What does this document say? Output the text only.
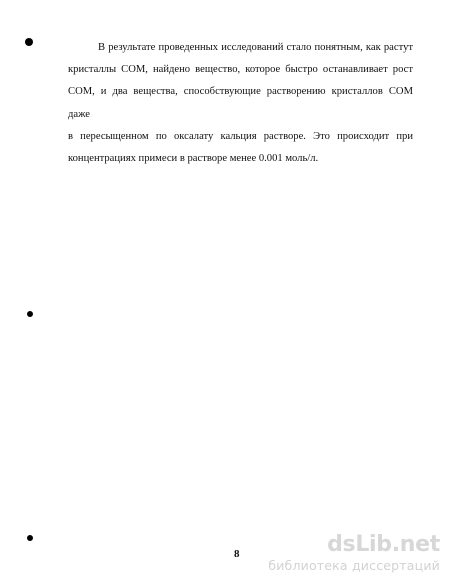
В результате проведенных исследований стало понятным, как растут
кристаллы СОМ, найдено вещество, которое быстро останавливает рост
СОМ, и два вещества, способствующие растворению кристаллов СОМ даже
в пересыщенном по оксалату кальция растворе. Это происходит при
концентрациях примеси в растворе менее 0.001 моль/л.

8	dsLib.net
библиотека диссертаций
